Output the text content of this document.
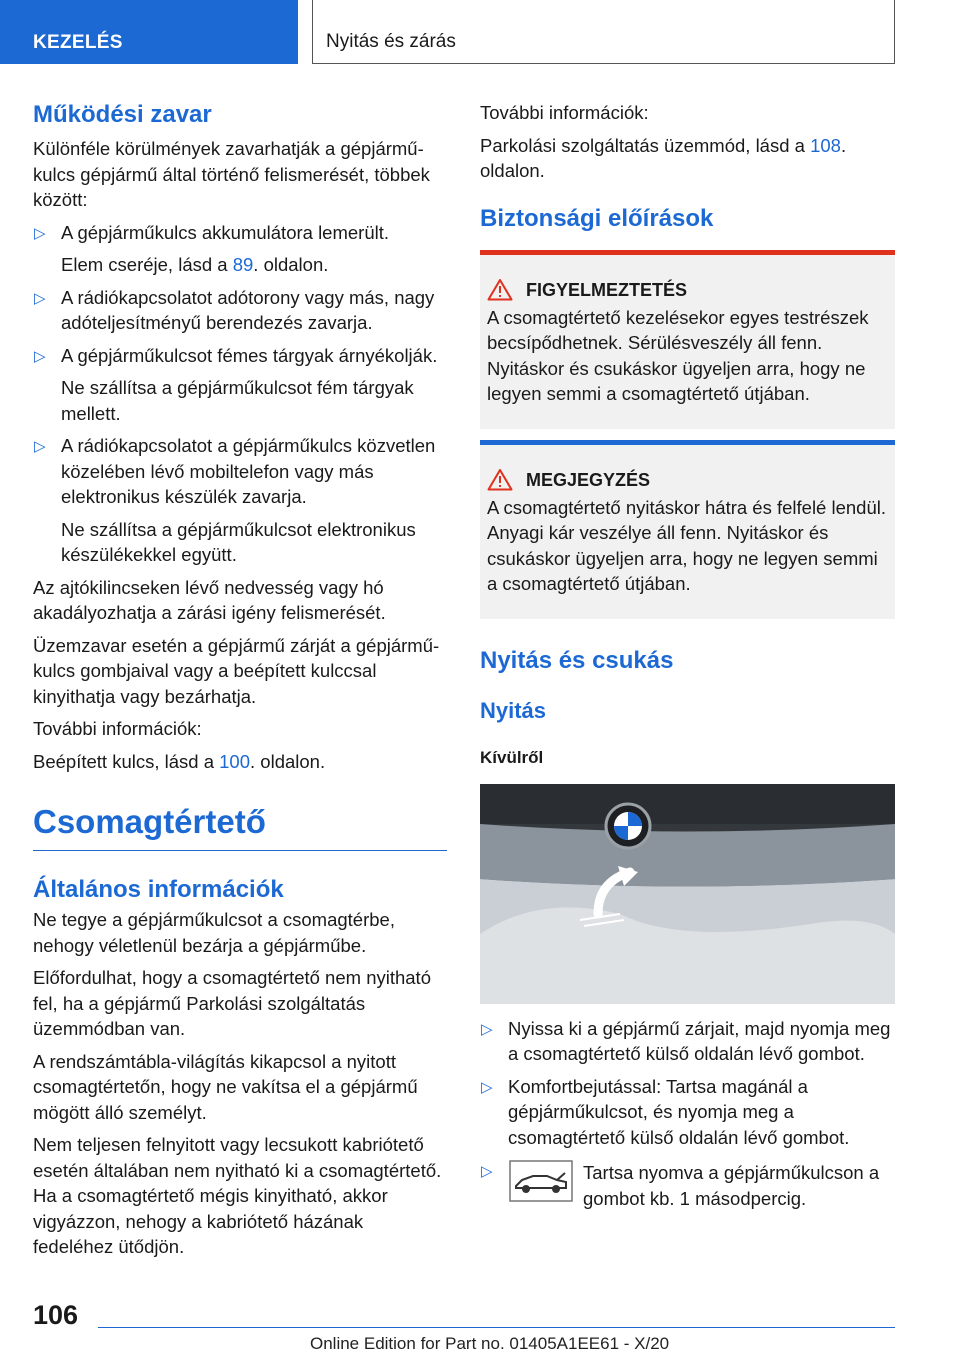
KEZELÉS	Nyitás és zárás
Működési zavar

Különféle körülmények zavarhatják a gépjármű-kulcs gépjármű által történő felismerését, többek között:

▷ A gépjárműkulcs akkumulátora lemerült.

Elem cseréje, lásd a 89. oldalon.

▷ A rádiókapcsolatot adótorony vagy más, nagy adóteljesítményű berendezés zavarja.

▷ A gépjárműkulcsot fémes tárgyak árnyékolják.

Ne szállítsa a gépjárműkulcsot fém tárgyak mellett.

▷ A rádiókapcsolatot a gépjárműkulcs közvetlen közelében lévő mobiltelefon vagy más elektronikus készülék zavarja.

Ne szállítsa a gépjárműkulcsot elektronikus készülékekkel együtt.

Az ajtókilincseken lévő nedvesség vagy hó akadályozhatja a zárási igény felismerését.

Üzemzavar esetén a gépjármű zárját a gépjármű-kulcs gombjaival vagy a beépített kulccsal kinyithatja vagy bezárhatja.

További információk:

Beépített kulcs, lásd a 100. oldalon.

Csomagtértető
Általános információk

Ne tegye a gépjárműkulcsot a csomagtérbe, nehogy véletlenül bezárja a gépjárműbe.

Előfordulhat, hogy a csomagtértető nem nyitható fel, ha a gépjármű Parkolási szolgáltatás üzemmódban van.

A rendszámtábla-világítás kikapcsol a nyitott csomagtértetőn, hogy ne vakítsa el a gépjármű mögött álló személyt.

Nem teljesen felnyitott vagy lecsukott kabriótető esetén általában nem nyitható ki a csomagtértető. Ha a csomagtértető mégis kinyitható, akkor vigyázzon, nehogy a kabriótető házának fedeléhez ütődjön.

További információk:

Parkolási szolgáltatás üzemmód, lásd a 108. oldalon.

Biztonsági előírások
FIGYELMEZTETÉS

A csomagtértető kezelésekor egyes testrészek becsípődhetnek. Sérülésveszély áll fenn. Nyitáskor és csukáskor ügyeljen arra, hogy ne legyen semmi a csomagtértető útjában.

MEGJEGYZÉS

A csomagtértető nyitáskor hátra és felfelé lendül. Anyagi kár veszélye áll fenn. Nyitáskor és csukáskor ügyeljen arra, hogy ne legyen semmi a csomagtértető útjában.

Nyitás és csukás
Nyitás
Kívülről

▷ Nyissa ki a gépjármű zárjait, majd nyomja meg a csomagtértető külső oldalán lévő gombot.

▷ Komfortbejutással: Tartsa magánál a gépjárműkulcsot, és nyomja meg a csomagtértető külső oldalán lévő gombot.

▷	Tartsa nyomva a gépjárműkulcson a gombot kb. 1 másodpercig.

106
Online Edition for Part no. 01405A1EE61 - X/20
